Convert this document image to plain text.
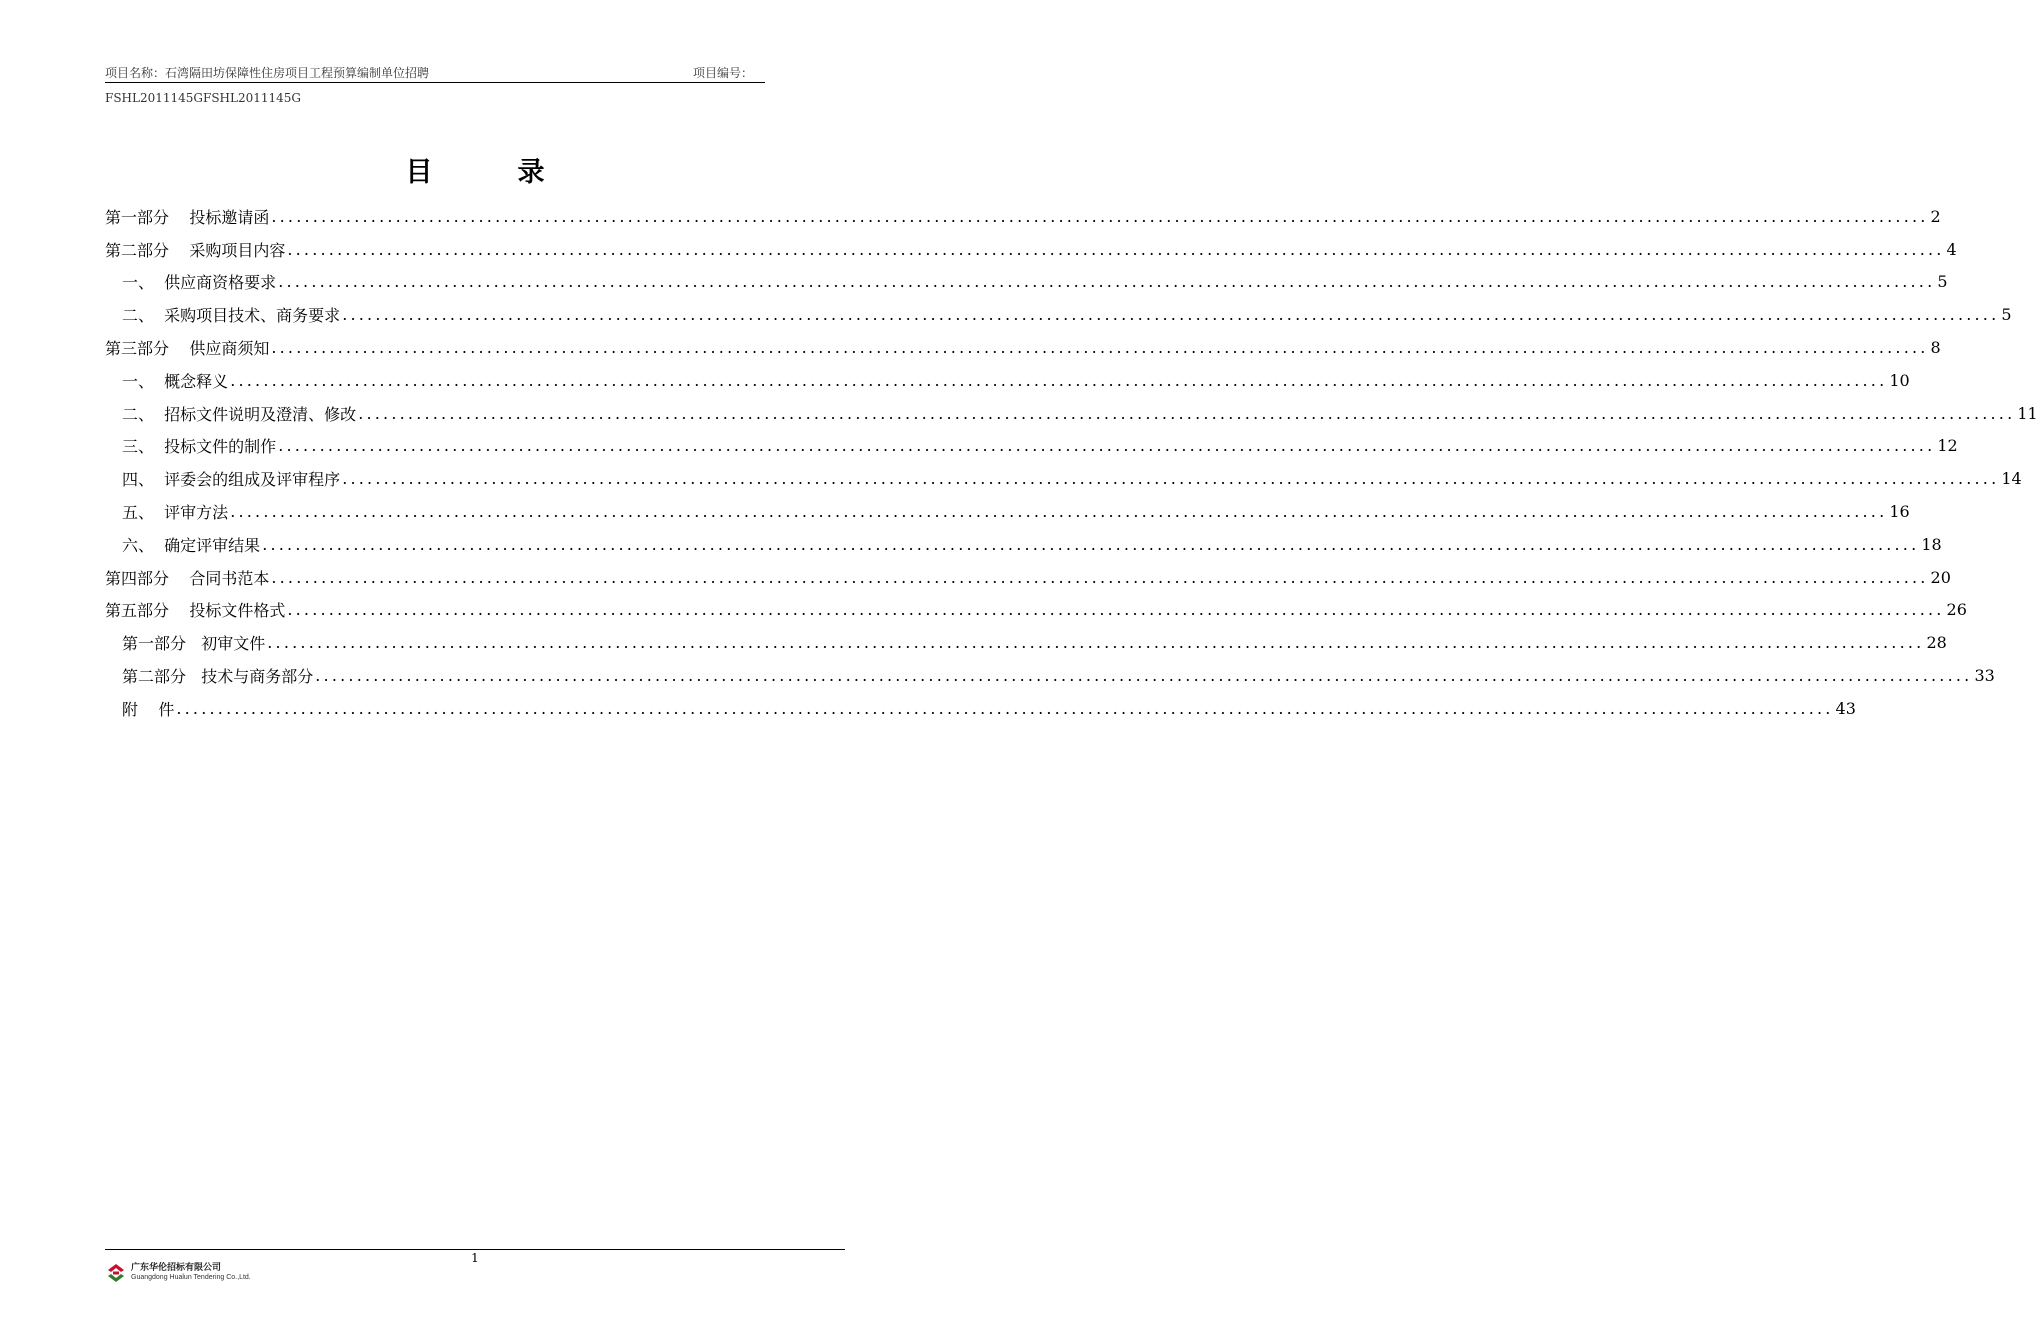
项目名称：石湾隔田坊保障性住房项目工程预算编制单位招聘	项目编号：
FSHL2011145GFSHL2011145G
目	录
第一部分    投标邀请函 ........................................................................................................................................................................................................ 2
第二部分    采购项目内容 ........................................................................................................................................................................................................ 4
一、  供应商资格要求 ........................................................................................................................................................................................................ 5
二、  采购项目技术、商务要求 ........................................................................................................................................................................................................ 5
第三部分    供应商须知 ........................................................................................................................................................................................................ 8
一、  概念释义 ........................................................................................................................................................................................................ 10
二、  招标文件说明及澄清、修改 ........................................................................................................................................................................................................ 11
三、  投标文件的制作 ........................................................................................................................................................................................................ 12
四、  评委会的组成及评审程序 ........................................................................................................................................................................................................ 14
五、  评审方法 ........................................................................................................................................................................................................ 16
六、  确定评审结果 ........................................................................................................................................................................................................ 18
第四部分    合同书范本 ........................................................................................................................................................................................................ 20
第五部分    投标文件格式 ........................................................................................................................................................................................................ 26
第一部分   初审文件 ........................................................................................................................................................................................................ 28
第二部分   技术与商务部分 ........................................................................................................................................................................................................ 33
附    件 ........................................................................................................................................................................................................ 43
1
广东华伦招标有限公司
Guangdong Hualun Tendering Co.,Ltd.
